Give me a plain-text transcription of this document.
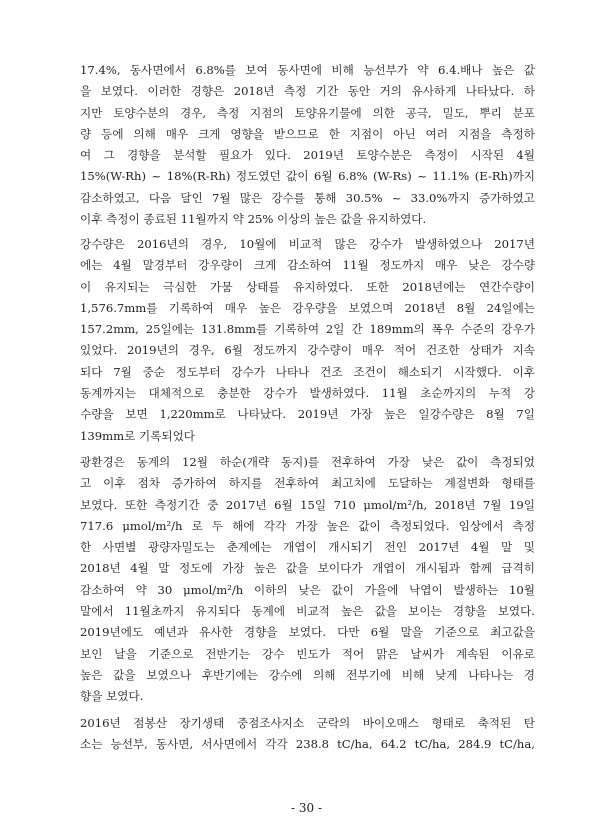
17.4%, 동사면에서 6.8%를 보여 동사면에 비해 능선부가 약 6.4.배나 높은 값
을 보였다. 이러한 경향은 2018년 측정 기간 동안 거의 유사하게 나타났다. 하
지만 토양수분의 경우, 측정 지점의 토양유기물에 의한 공극, 밀도, 뿌리 분포
량 등에 의해 매우 크게 영향을 받으므로 한 지점이 아닌 여러 지점을 측정하
여 그 경향을 분석할 필요가 있다. 2019년 토양수분은 측정이 시작된 4월
15%(W-Rh) ~ 18%(R-Rh) 정도였던 값이 6월 6.8% (W-Rs) ~ 11.1% (E-Rh)까지
감소하였고, 다음 달인 7월 많은 강수를 통해 30.5% ~ 33.0%까지 증가하였고
이후 측정이 종료된 11월까지 약 25% 이상의 높은 값을 유지하였다.
강수량은 2016년의 경우, 10월에 비교적 많은 강수가 발생하였으나 2017년
에는 4월 말경부터 강우량이 크게 감소하여 11월 정도까지 매우 낮은 강수량
이 유지되는 극심한 가뭄 상태를 유지하였다. 또한 2018년에는 연간수량이
1,576.7mm를 기록하여 매우 높은 강우량을 보였으며 2018년 8월 24일에는
157.2mm, 25일에는 131.8mm를 기록하여 2일 간 189mm의 폭우 수준의 강우가
있었다. 2019년의 경우, 6월 정도까지 강수량이 매우 적어 건조한 상태가 지속
되다 7월 중순 정도부터 강수가 나타나 건조 조건이 해소되기 시작했다. 이후
동계까지는 대체적으로 충분한 강수가 발생하였다. 11월 초순까지의 누적 강
수량을 보면 1,220mm로 나타났다. 2019년 가장 높은 일강수량은 8월 7일
139mm로 기록되었다
광환경은 동계의 12월 하순(개략 동지)를 전후하여 가장 낮은 값이 측정되었
고 이후 점차 증가하여 하지를 전후하여 최고치에 도달하는 계절변화 형태를
보였다. 또한 측정기간 중 2017년 6월 15일 710 μmol/m²/h, 2018년 7월 19일
717.6 μmol/m²/h 로 두 해에 각각 가장 높은 값이 측정되었다. 임상에서 측정
한 사면별 광량자밀도는 춘계에는 개엽이 개시되기 전인 2017년 4월 말 및
2018년 4월 말 정도에 가장 높은 값을 보이다가 개엽이 개시됨과 함께 급격히
감소하여 약 30 μmol/m²/h 이하의 낮은 값이 가을에 낙엽이 발생하는 10월
말에서 11월초까지 유지되다 동계에 비교적 높은 값을 보이는 경향을 보였다.
2019년에도 예년과 유사한 경향을 보였다. 다만 6월 말을 기준으로 최고값을
보인 날을 기준으로 전반기는 강수 빈도가 적어 맑은 날씨가 계속된 이유로
높은 값을 보였으나 후반기에는 강수에 의해 전부기에 비해 낮게 나타나는 경
향을 보였다.
2016년 점봉산 장기생태 중점조사지소 군락의 바이오매스 형태로 축적된 탄
소는 능선부, 동사면, 서사면에서 각각 238.8 tC/ha, 64.2 tC/ha, 284.9 tC/ha,
- 30 -
